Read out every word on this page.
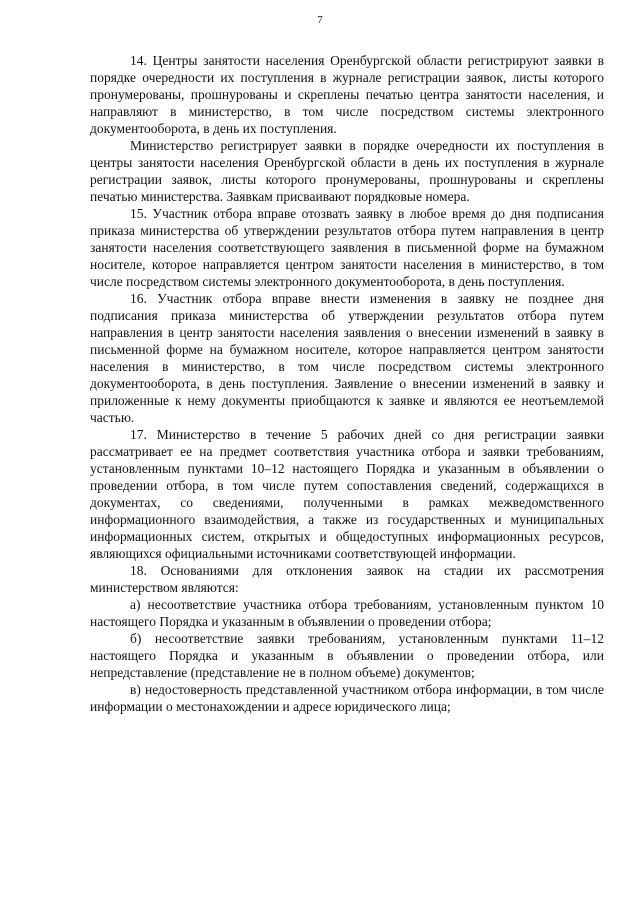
7

14. Центры занятости населения Оренбургской области регистрируют заявки в порядке очередности их поступления в журнале регистрации заявок, листы которого пронумерованы, прошнурованы и скреплены печатью центра занятости населения, и направляют в министерство, в том числе посредством системы электронного документооборота, в день их поступления.

Министерство регистрирует заявки в порядке очередности их поступления в центры занятости населения Оренбургской области в день их поступления в журнале регистрации заявок, листы которого пронумерованы, прошнурованы и скреплены печатью министерства. Заявкам присваивают порядковые номера.

15. Участник отбора вправе отозвать заявку в любое время до дня подписания приказа министерства об утверждении результатов отбора путем направления в центр занятости населения соответствующего заявления в письменной форме на бумажном носителе, которое направляется центром занятости населения в министерство, в том числе посредством системы электронного документооборота, в день поступления.

16. Участник отбора вправе внести изменения в заявку не позднее дня подписания приказа министерства об утверждении результатов отбора путем направления в центр занятости населения заявления о внесении изменений в заявку в письменной форме на бумажном носителе, которое направляется центром занятости населения в министерство, в том числе посредством системы электронного документооборота, в день поступления. Заявление о внесении изменений в заявку и приложенные к нему документы приобщаются к заявке и являются ее неотъемлемой частью.

17. Министерство в течение 5 рабочих дней со дня регистрации заявки рассматривает ее на предмет соответствия участника отбора и заявки требованиям, установленным пунктами 10–12 настоящего Порядка и указанным в объявлении о проведении отбора, в том числе путем сопоставления сведений, содержащихся в документах, со сведениями, полученными в рамках межведомственного информационного взаимодействия, а также из государственных и муниципальных информационных систем, открытых и общедоступных информационных ресурсов, являющихся официальными источниками соответствующей информации.

18. Основаниями для отклонения заявок на стадии их рассмотрения министерством являются:

а) несоответствие участника отбора требованиям, установленным пунктом 10 настоящего Порядка и указанным в объявлении о проведении отбора;

б) несоответствие заявки требованиям, установленным пунктами 11–12 настоящего Порядка и указанным в объявлении о проведении отбора, или непредставление (представление не в полном объеме) документов;

в) недостоверность представленной участником отбора информации, в том числе информации о местонахождении и адресе юридического лица;
